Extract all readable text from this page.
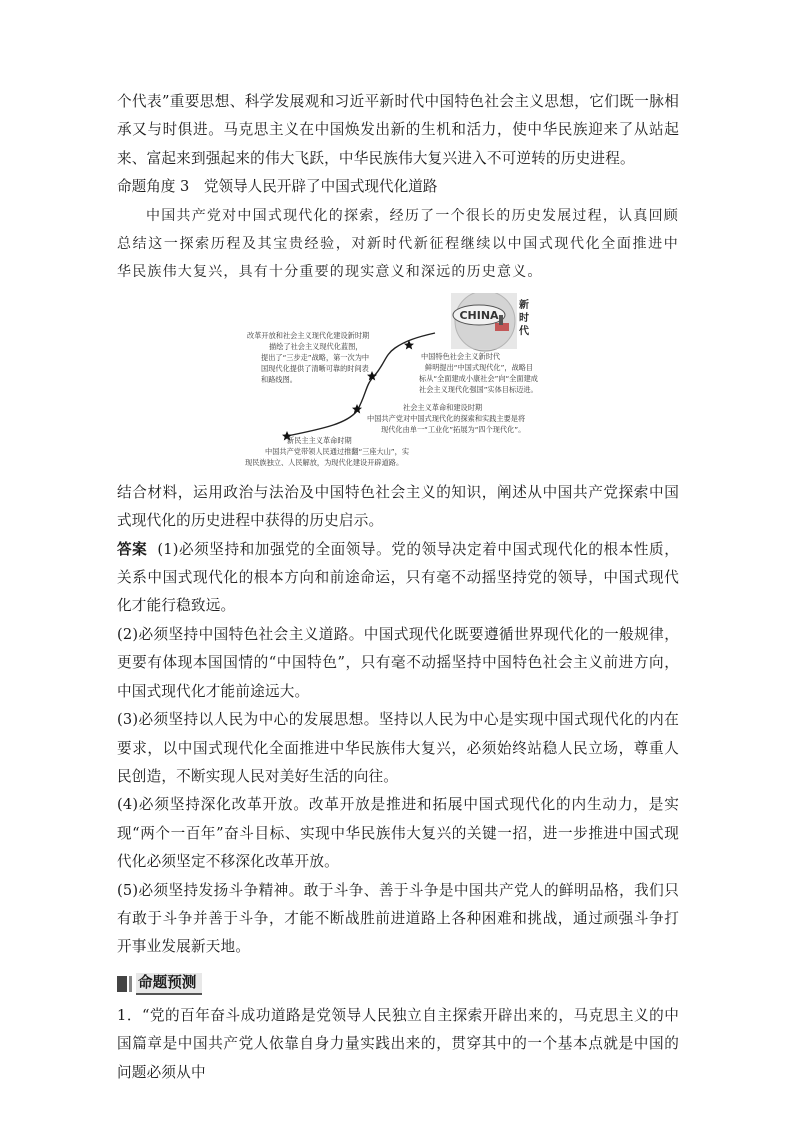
个代表”重要思想、科学发展观和习近平新时代中国特色社会主义思想，它们既一脉相承又与时俱进。马克思主义在中国焕发出新的生机和活力，使中华民族迎来了从站起来、富起来到强起来的伟大飞跃，中华民族伟大复兴进入不可逆转的历史进程。

命题角度 3　党领导人民开辟了中国式现代化道路

中国共产党对中国式现代化的探索，经历了一个很长的历史发展过程，认真回顾总结这一探索历程及其宝贵经验，对新时代新征程继续以中国式现代化全面推进中华民族伟大复兴，具有十分重要的现实意义和深远的历史意义。

CHINA
新时代
改革开放和社会主义现代化建设新时期
描绘了社会主义现代化蓝图，
提出了“三步走”战略，第一次为中
国现代化提供了清晰可靠的时间表
和路线图。
中国特色社会主义新时代
鲜明提出“中国式现代化”，战略目
标从“全面建成小康社会”向“全面建成
社会主义现代化强国”实体目标迈进。
社会主义革命和建设时期
中国共产党对中国式现代化的探索和实践主要是将
现代化由单一“工业化”拓展为“四个现代化”。
新民主主义革命时期
中国共产党带领人民通过推翻“三座大山”，实
现民族独立、人民解放，为现代化建设开辟道路。

结合材料，运用政治与法治及中国特色社会主义的知识，阐述从中国共产党探索中国式现代化的历史进程中获得的历史启示。

答案 (1)必须坚持和加强党的全面领导。党的领导决定着中国式现代化的根本性质，关系中国式现代化的根本方向和前途命运，只有毫不动摇坚持党的领导，中国式现代化才能行稳致远。

(2)必须坚持中国特色社会主义道路。中国式现代化既要遵循世界现代化的一般规律，更要有体现本国国情的“中国特色”，只有毫不动摇坚持中国特色社会主义前进方向，中国式现代化才能前途远大。

(3)必须坚持以人民为中心的发展思想。坚持以人民为中心是实现中国式现代化的内在要求，以中国式现代化全面推进中华民族伟大复兴，必须始终站稳人民立场，尊重人民创造，不断实现人民对美好生活的向往。

(4)必须坚持深化改革开放。改革开放是推进和拓展中国式现代化的内生动力，是实现“两个一百年”奋斗目标、实现中华民族伟大复兴的关键一招，进一步推进中国式现代化必须坚定不移深化改革开放。

(5)必须坚持发扬斗争精神。敢于斗争、善于斗争是中国共产党人的鲜明品格，我们只有敢于斗争并善于斗争，才能不断战胜前进道路上各种困难和挑战，通过顽强斗争打开事业发展新天地。

命题预测

1．“党的百年奋斗成功道路是党领导人民独立自主探索开辟出来的，马克思主义的中国篇章是中国共产党人依靠自身力量实践出来的，贯穿其中的一个基本点就是中国的问题必须从中
